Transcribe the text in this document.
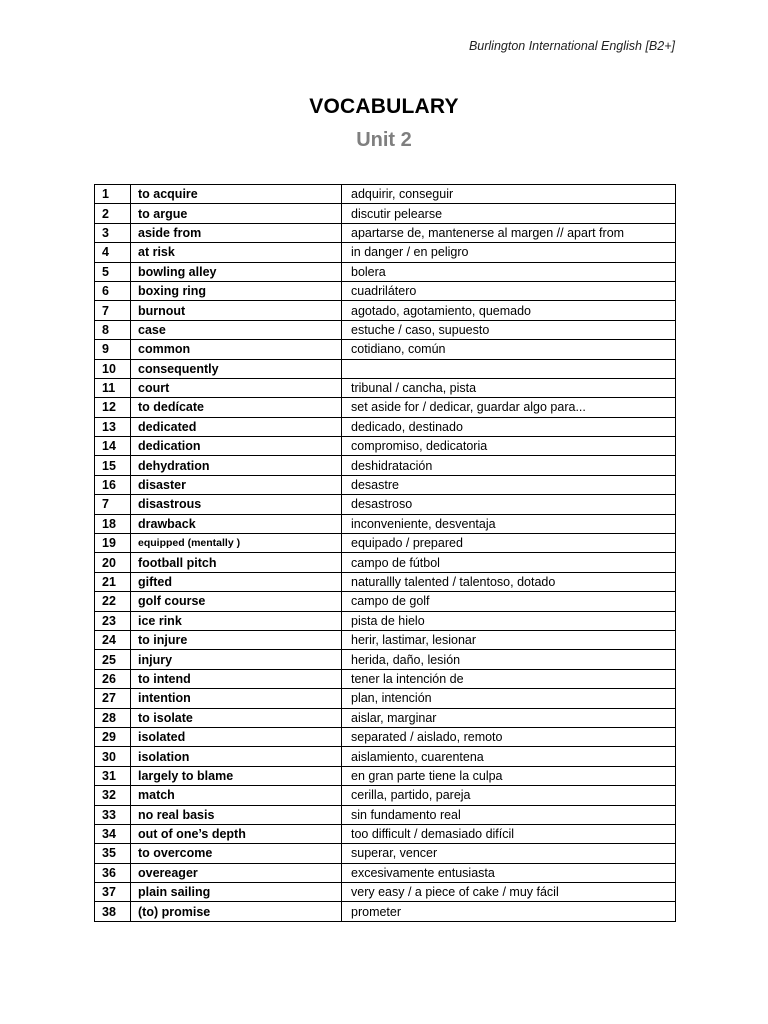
Burlington International English [B2+]
VOCABULARY
Unit 2
1	to acquire	adquirir, conseguir
2	to argue	discutir pelearse
3	aside from	apartarse de, mantenerse al margen // apart from
4	at risk	in danger / en peligro
5	bowling alley	bolera
6	boxing ring	cuadrilátero
7	burnout	agotado, agotamiento, quemado
8	case	estuche / caso, supuesto
9	common	cotidiano, común
10	consequently	
11	court	tribunal / cancha, pista
12	to dedícate	set aside for / dedicar, guardar algo para...
13	dedicated	dedicado, destinado
14	dedication	compromiso, dedicatoria
15	dehydration	deshidratación
16	disaster	desastre
7	disastrous	desastroso
18	drawback	inconveniente, desventaja
19	equipped (mentally )	equipado / prepared
20	football pitch	campo de fútbol
21	gifted	naturallly talented / talentoso, dotado
22	golf course	campo de golf
23	ice rink	pista de hielo
24	to injure	herir, lastimar, lesionar
25	injury	herida, daño, lesión
26	to intend	tener la intención de
27	intention	plan, intención
28	to isolate	aislar, marginar
29	isolated	separated / aislado, remoto
30	isolation	aislamiento, cuarentena
31	largely to blame	en gran parte tiene la culpa
32	match	cerilla, partido, pareja
33	no real basis	sin fundamento real
34	out of one’s depth	too difficult / demasiado difícil
35	to overcome	superar, vencer
36	overeager	excesivamente entusiasta
37	plain sailing	very easy / a piece of cake / muy fácil
38	(to) promise	prometer
